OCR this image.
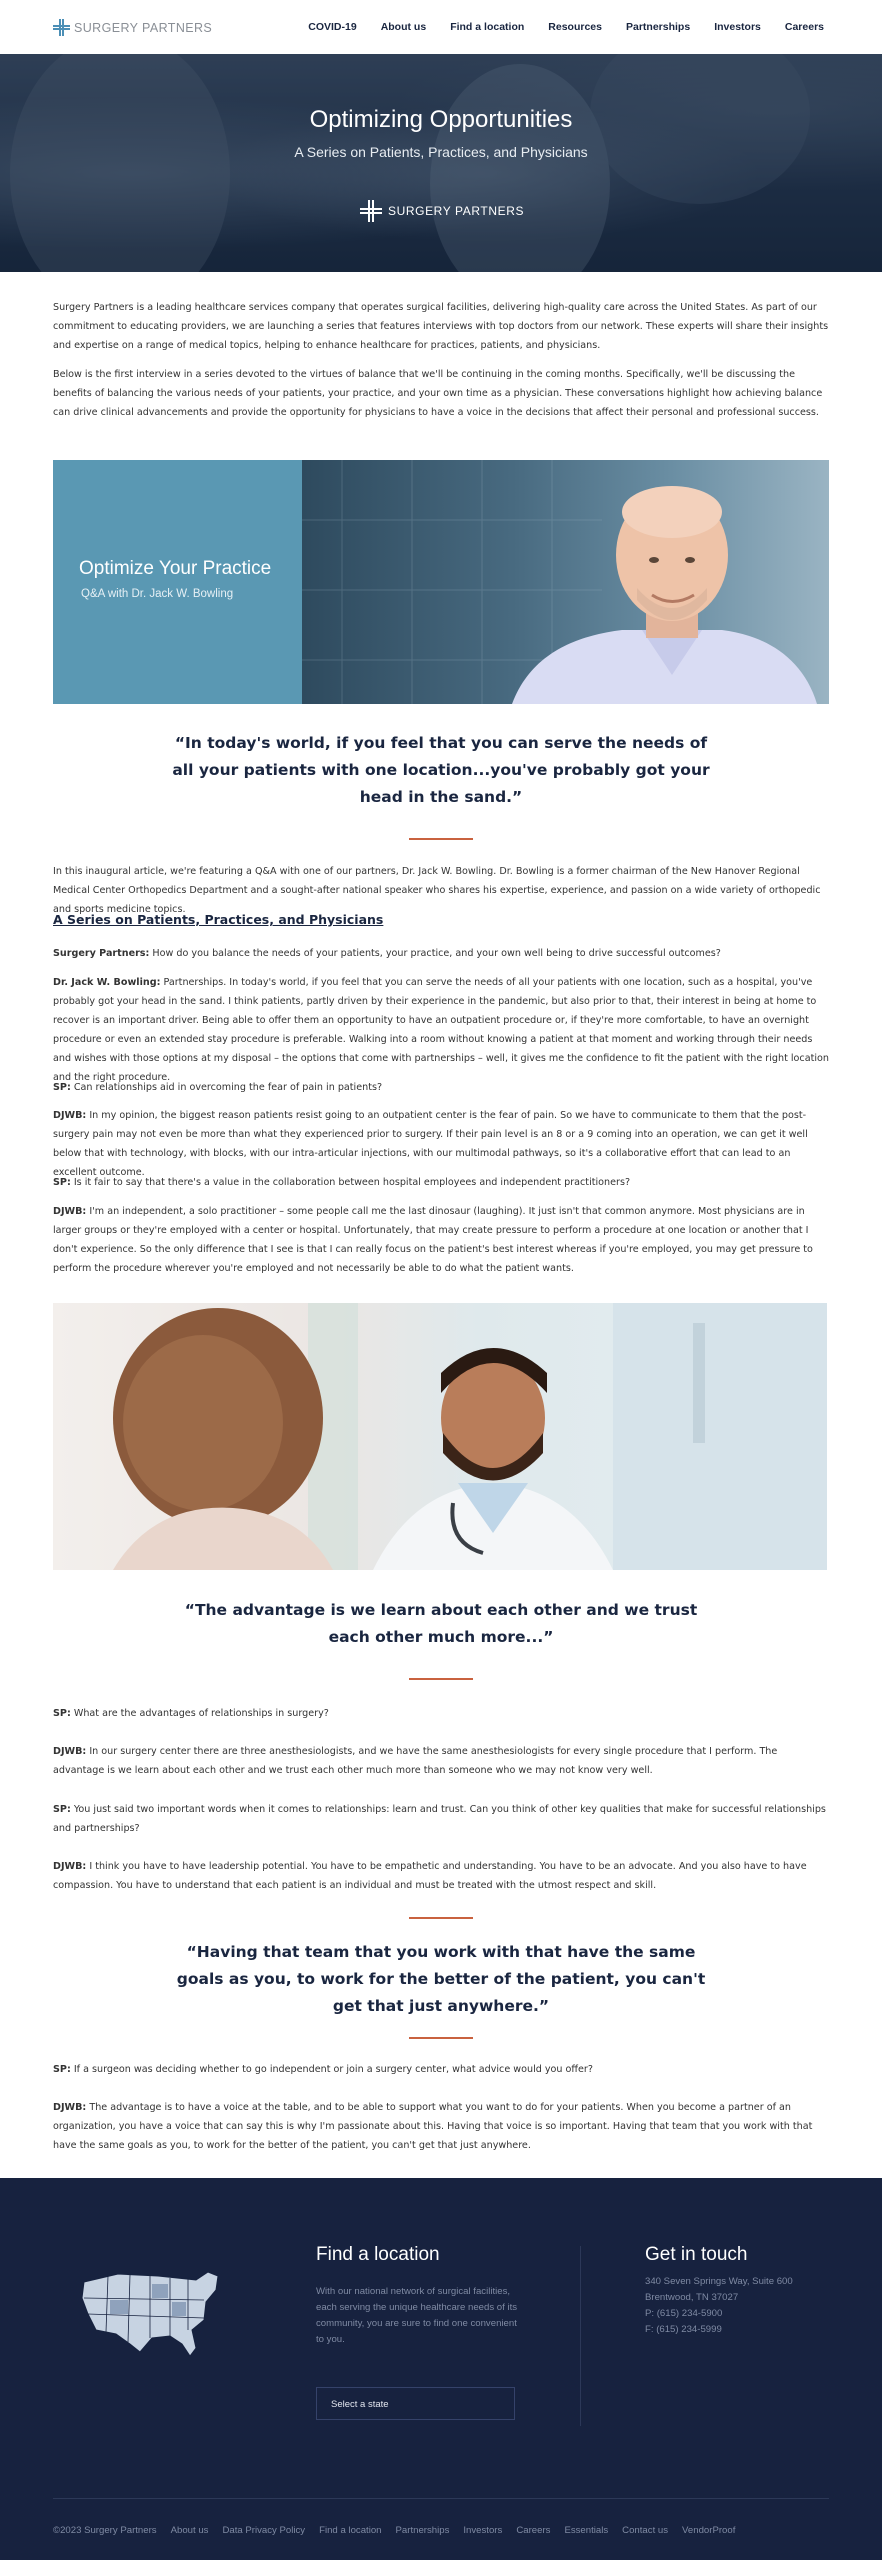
SURGERY PARTNERS	COVID-19 About us Find a location Resources Partnerships Investors Careers
Optimizing Opportunities
A Series on Patients, Practices, and Physicians
SURGERY PARTNERS
Surgery Partners is a leading healthcare services company that operates surgical facilities, delivering high-quality care across the United States. As part of our commitment to educating providers, we are launching a series that features interviews with top doctors from our network. These experts will share their insights and expertise on a range of medical topics, helping to enhance healthcare for practices, patients, and physicians.
Below is the first interview in a series devoted to the virtues of balance that we'll be continuing in the coming months. Specifically, we'll be discussing the benefits of balancing the various needs of your patients, your practice, and your own time as a physician. These conversations highlight how achieving balance can drive clinical advancements and provide the opportunity for physicians to have a voice in the decisions that affect their personal and professional success.
Optimize Your Practice
Q&A with Dr. Jack W. Bowling
“In today's world, if you feel that you can serve the needs of
all your patients with one location...you've probably got your
head in the sand.”
In this inaugural article, we're featuring a Q&A with one of our partners, Dr. Jack W. Bowling. Dr. Bowling is a former chairman of the New Hanover Regional Medical Center Orthopedics Department and a sought-after national speaker who shares his expertise, experience, and passion on a wide variety of orthopedic and sports medicine topics.
A Series on Patients, Practices, and Physicians
Surgery Partners: How do you balance the needs of your patients, your practice, and your own well being to drive successful outcomes?
Dr. Jack W. Bowling: Partnerships. In today's world, if you feel that you can serve the needs of all your patients with one location, such as a hospital, you've probably got your head in the sand. I think patients, partly driven by their experience in the pandemic, but also prior to that, their interest in being at home to recover is an important driver. Being able to offer them an opportunity to have an outpatient procedure or, if they're more comfortable, to have an overnight procedure or even an extended stay procedure is preferable. Walking into a room without knowing a patient at that moment and working through their needs and wishes with those options at my disposal – the options that come with partnerships – well, it gives me the confidence to fit the patient with the right location and the right procedure.
SP: Can relationships aid in overcoming the fear of pain in patients?
DJWB: In my opinion, the biggest reason patients resist going to an outpatient center is the fear of pain. So we have to communicate to them that the post-surgery pain may not even be more than what they experienced prior to surgery. If their pain level is an 8 or a 9 coming into an operation, we can get it well below that with technology, with blocks, with our intra-articular injections, with our multimodal pathways, so it's a collaborative effort that can lead to an excellent outcome.
SP: Is it fair to say that there's a value in the collaboration between hospital employees and independent practitioners?
DJWB: I'm an independent, a solo practitioner – some people call me the last dinosaur (laughing). It just isn't that common anymore. Most physicians are in larger groups or they're employed with a center or hospital. Unfortunately, that may create pressure to perform a procedure at one location or another that I don't experience. So the only difference that I see is that I can really focus on the patient's best interest whereas if you're employed, you may get pressure to perform the procedure wherever you're employed and not necessarily be able to do what the patient wants.
“The advantage is we learn about each other and we trust
each other much more...”
SP: What are the advantages of relationships in surgery?
DJWB: In our surgery center there are three anesthesiologists, and we have the same anesthesiologists for every single procedure that I perform. The advantage is we learn about each other and we trust each other much more than someone who we may not know very well.
SP: You just said two important words when it comes to relationships: learn and trust. Can you think of other key qualities that make for successful relationships and partnerships?
DJWB: I think you have to have leadership potential. You have to be empathetic and understanding. You have to be an advocate. And you also have to have compassion. You have to understand that each patient is an individual and must be treated with the utmost respect and skill.
“Having that team that you work with that have the same
goals as you, to work for the better of the patient, you can't
get that just anywhere.”
SP: If a surgeon was deciding whether to go independent or join a surgery center, what advice would you offer?
DJWB: The advantage is to have a voice at the table, and to be able to support what you want to do for your patients. When you become a partner of an organization, you have a voice that can say this is why I'm passionate about this. Having that voice is so important. Having that team that you work with that have the same goals as you, to work for the better of the patient, you can't get that just anywhere.
Find a location
With our national network of surgical facilities, each serving the unique healthcare needs of its community, you are sure to find one convenient to you.
Select a state
Get in touch
340 Seven Springs Way, Suite 600
Brentwood, TN 37027
P: (615) 234-5900
F: (615) 234-5999
©2023 Surgery Partners About us Data Privacy Policy Find a location Partnerships Investors Careers Essentials Contact us VendorProof
